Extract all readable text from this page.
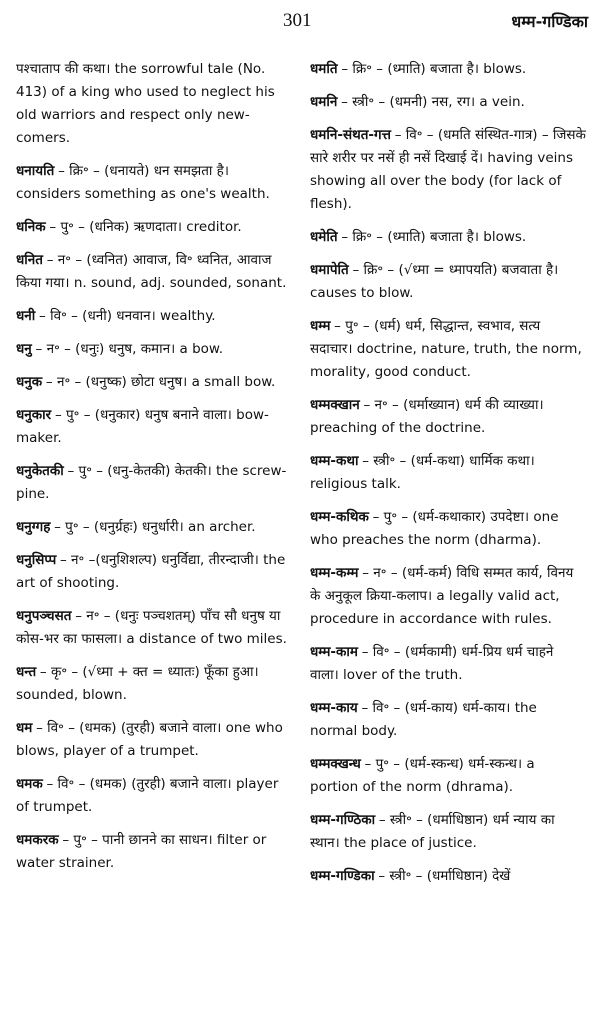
301	धम्म-गण्डिका

पश्चाताप की कथा। the sorrowful tale (No. 413) of a king who used to neglect his old warriors and respect only new-comers.

धनायति – क्रि॰ – (धनायते) धन समझता है। considers something as one's wealth.

धनिक – पु॰ – (धनिक) ऋणदाता। creditor.

धनित – न॰ – (ध्वनित) आवाज, वि॰ ध्वनित, आवाज किया गया। n. sound, adj. sounded, sonant.

धनी – वि॰ – (धनी) धनवान। wealthy.

धनु – न॰ – (धनुः) धनुष, कमान। a bow.

धनुक – न॰ – (धनुष्क) छोटा धनुष। a small bow.

धनुकार – पु॰ – (धनुकार) धनुष बनाने वाला। bow-maker.

धनुकेतकी – पु॰ – (धनु-केतकी) केतकी। the screw-pine.

धनुग्गह – पु॰ – (धनुर्ग्रहः) धनुर्धारी। an archer.

धनुसिप्प – न॰ –(धनुशिशल्प) धनुर्विद्या, तीरन्दाजी। the art of shooting.

धनुपञ्चसत – न॰ – (धनुः पञ्चशतम्) पाँच सौ धनुष या कोस-भर का फासला। a distance of two miles.

धन्त – कृ॰ – (√ध्मा + क्त = ध्यातः) फूँका हुआ। sounded, blown.

धम – वि॰ – (धमक) (तुरही) बजाने वाला। one who blows, player of a trumpet.

धमक – वि॰ – (धमक) (तुरही) बजाने वाला। player of trumpet.

धमकरक – पु॰ – पानी छानने का साधन। filter or water strainer.

धमति – क्रि॰ – (ध्माति) बजाता है। blows.

धमनि – स्त्री॰ – (धमनी) नस, रग। a vein.

धमनि-संथत-गत्त – वि॰ – (धमति संस्थित-गात्र) – जिसके सारे शरीर पर नसें ही नसें दिखाई दें। having veins showing all over the body (for lack of flesh).

धमेति – क्रि॰ – (ध्माति) बजाता है। blows.

धमापेति – क्रि॰ – (√ध्मा = ध्मापयति) बजवाता है। causes to blow.

धम्म – पु॰ – (धर्म) धर्म, सिद्धान्त, स्वभाव, सत्य सदाचार। doctrine, nature, truth, the norm, morality, good conduct.

धम्मक्खान – न॰ – (धर्माख्यान) धर्म की व्याख्या। preaching of the doctrine.

धम्म-कथा – स्त्री॰ – (धर्म-कथा) धार्मिक कथा। religious talk.

धम्म-कथिक – पु॰ – (धर्म-कथाकार) उपदेष्टा। one who preaches the norm (dharma).

धम्म-कम्म – न॰ – (धर्म-कर्म) विधि सम्मत कार्य, विनय के अनुकूल क्रिया-कलाप। a legally valid act, procedure in accordance with rules.

धम्म-काम – वि॰ – (धर्मकामी) धर्म-प्रिय धर्म चाहने वाला। lover of the truth.

धम्म-काय – वि॰ – (धर्म-काय) धर्म-काय। the normal body.

धम्मक्खन्ध – पु॰ – (धर्म-स्कन्ध) धर्म-स्कन्ध। a portion of the norm (dhrama).

धम्म-गण्ठिका – स्त्री॰ – (धर्माधिष्ठान) धर्म न्याय का स्थान। the place of justice.

धम्म-गण्डिका – स्त्री॰ – (धर्माधिष्ठान) देखें
